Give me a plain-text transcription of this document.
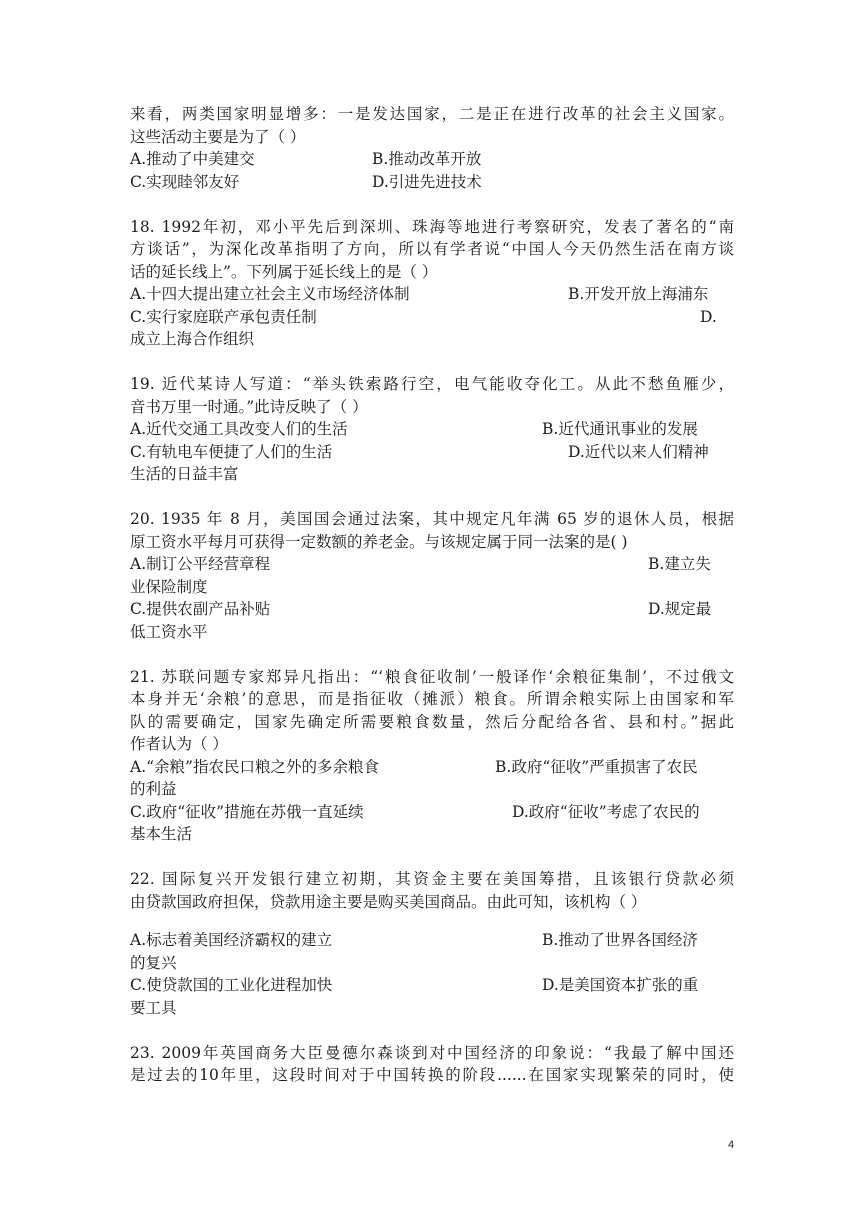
来看，两类国家明显增多：一是发达国家，二是正在进行改革的社会主义国家。
这些活动主要是为了（ ）
A.推动了中美建交	B.推动改革开放
C.实现睦邻友好	D.引进先进技术
18. 1992年初，邓小平先后到深圳、珠海等地进行考察研究，发表了著名的“南
方谈话”，为深化改革指明了方向，所以有学者说“中国人今天仍然生活在南方谈
话的延长线上”。下列属于延长线上的是（ ）
A.十四大提出建立社会主义市场经济体制	B.开发开放上海浦东
C.实行家庭联产承包责任制	D.
成立上海合作组织
19. 近代某诗人写道：“举头铁索路行空，电气能收夺化工。从此不愁鱼雁少，
音书万里一时通。”此诗反映了（ ）
A.近代交通工具改变人们的生活	B.近代通讯事业的发展
C.有轨电车便捷了人们的生活	D.近代以来人们精神
生活的日益丰富
20. 1935 年 8 月，美国国会通过法案，其中规定凡年满 65 岁的退休人员，根据
原工资水平每月可获得一定数额的养老金。与该规定属于同一法案的是( )
A.制订公平经营章程	B.建立失
业保险制度
C.提供农副产品补贴	D.规定最
低工资水平
21. 苏联问题专家郑异凡指出：“‘粮食征收制’一般译作‘余粮征集制’，不过俄文
本身并无‘余粮’的意思，而是指征收（摊派）粮食。所谓余粮实际上由国家和军
队的需要确定，国家先确定所需要粮食数量，然后分配给各省、县和村。”据此
作者认为（ ）
A.“余粮”指农民口粮之外的多余粮食	B.政府“征收”严重损害了农民
的利益
C.政府“征收”措施在苏俄一直延续	D.政府“征收”考虑了农民的
基本生活
22. 国际复兴开发银行建立初期，其资金主要在美国筹措，且该银行贷款必须
由贷款国政府担保，贷款用途主要是购买美国商品。由此可知，该机构（ ）
A.标志着美国经济霸权的建立	B.推动了世界各国经济
的复兴
C.使贷款国的工业化进程加快	D.是美国资本扩张的重
要工具
23. 2009年英国商务大臣曼德尔森谈到对中国经济的印象说：“我最了解中国还
是过去的10年里，这段时间对于中国转换的阶段......在国家实现繁荣的同时，使
4
